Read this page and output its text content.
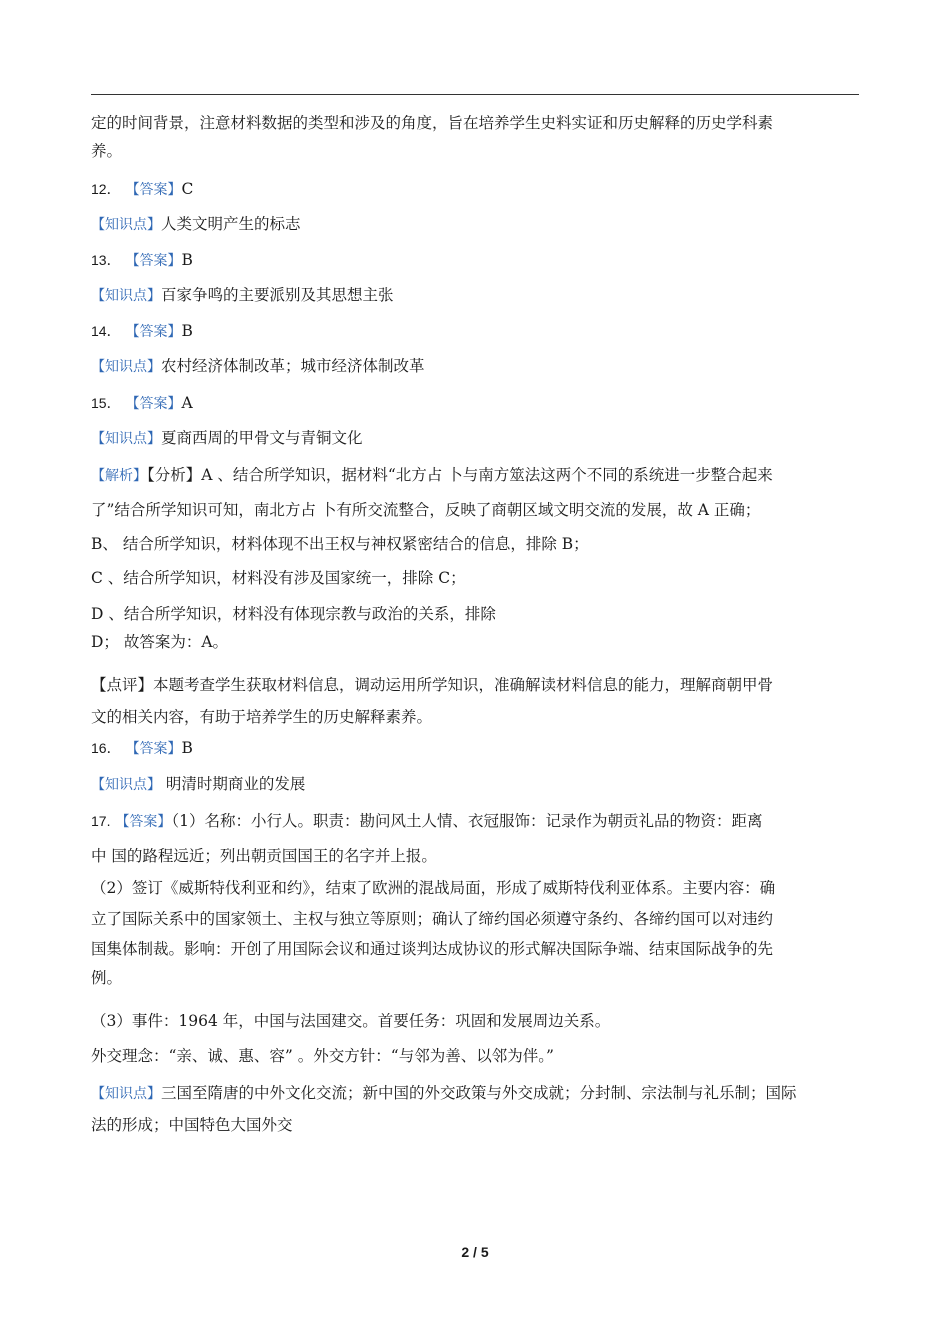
定的时间背景，注意材料数据的类型和涉及的角度，旨在培养学生史料实证和历史解释的历史学科素
养。
12． 【答案】C
【知识点】人类文明产生的标志
13． 【答案】B
【知识点】百家争鸣的主要派别及其思想主张
14． 【答案】B
【知识点】农村经济体制改革；城市经济体制改革
15． 【答案】A
【知识点】夏商西周的甲骨文与青铜文化
【解析】【分析】A 、结合所学知识，据材料“北方占 卜与南方筮法这两个不同的系统进一步整合起来
了”结合所学知识可知，南北方占 卜有所交流整合，反映了商朝区域文明交流的发展，故 A 正确；
B、 结合所学知识，材料体现不出王权与神权紧密结合的信息，排除 B；
C 、结合所学知识，材料没有涉及国家统一，排除 C；
D 、结合所学知识，材料没有体现宗教与政治的关系，排除
D； 故答案为：A。
【点评】本题考查学生获取材料信息，调动运用所学知识，准确解读材料信息的能力，理解商朝甲骨
文的相关内容，有助于培养学生的历史解释素养。
16． 【答案】B
【知识点】 明清时期商业的发展
17. 【答案】（1）名称：小行人。职责：勘问风土人情、衣冠服饰：记录作为朝贡礼品的物资：距离
中 国的路程远近；列出朝贡国国王的名字并上报。
（2）签订《威斯特伐利亚和约》，结束了欧洲的混战局面，形成了威斯特伐利亚体系。主要内容：确
立了国际关系中的国家领土、主权与独立等原则；确认了缔约国必须遵守条约、各缔约国可以对违约
国集体制裁。影响：开创了用国际会议和通过谈判达成协议的形式解决国际争端、结束国际战争的先
例。
（3）事件：1964 年，中国与法国建交。首要任务：巩固和发展周边关系。
外交理念：“亲、诚、惠、容” 。外交方针：“与邻为善、以邻为伴。”
【知识点】三国至隋唐的中外文化交流；新中国的外交政策与外交成就；分封制、宗法制与礼乐制；国际
法的形成；中国特色大国外交
2 / 5
